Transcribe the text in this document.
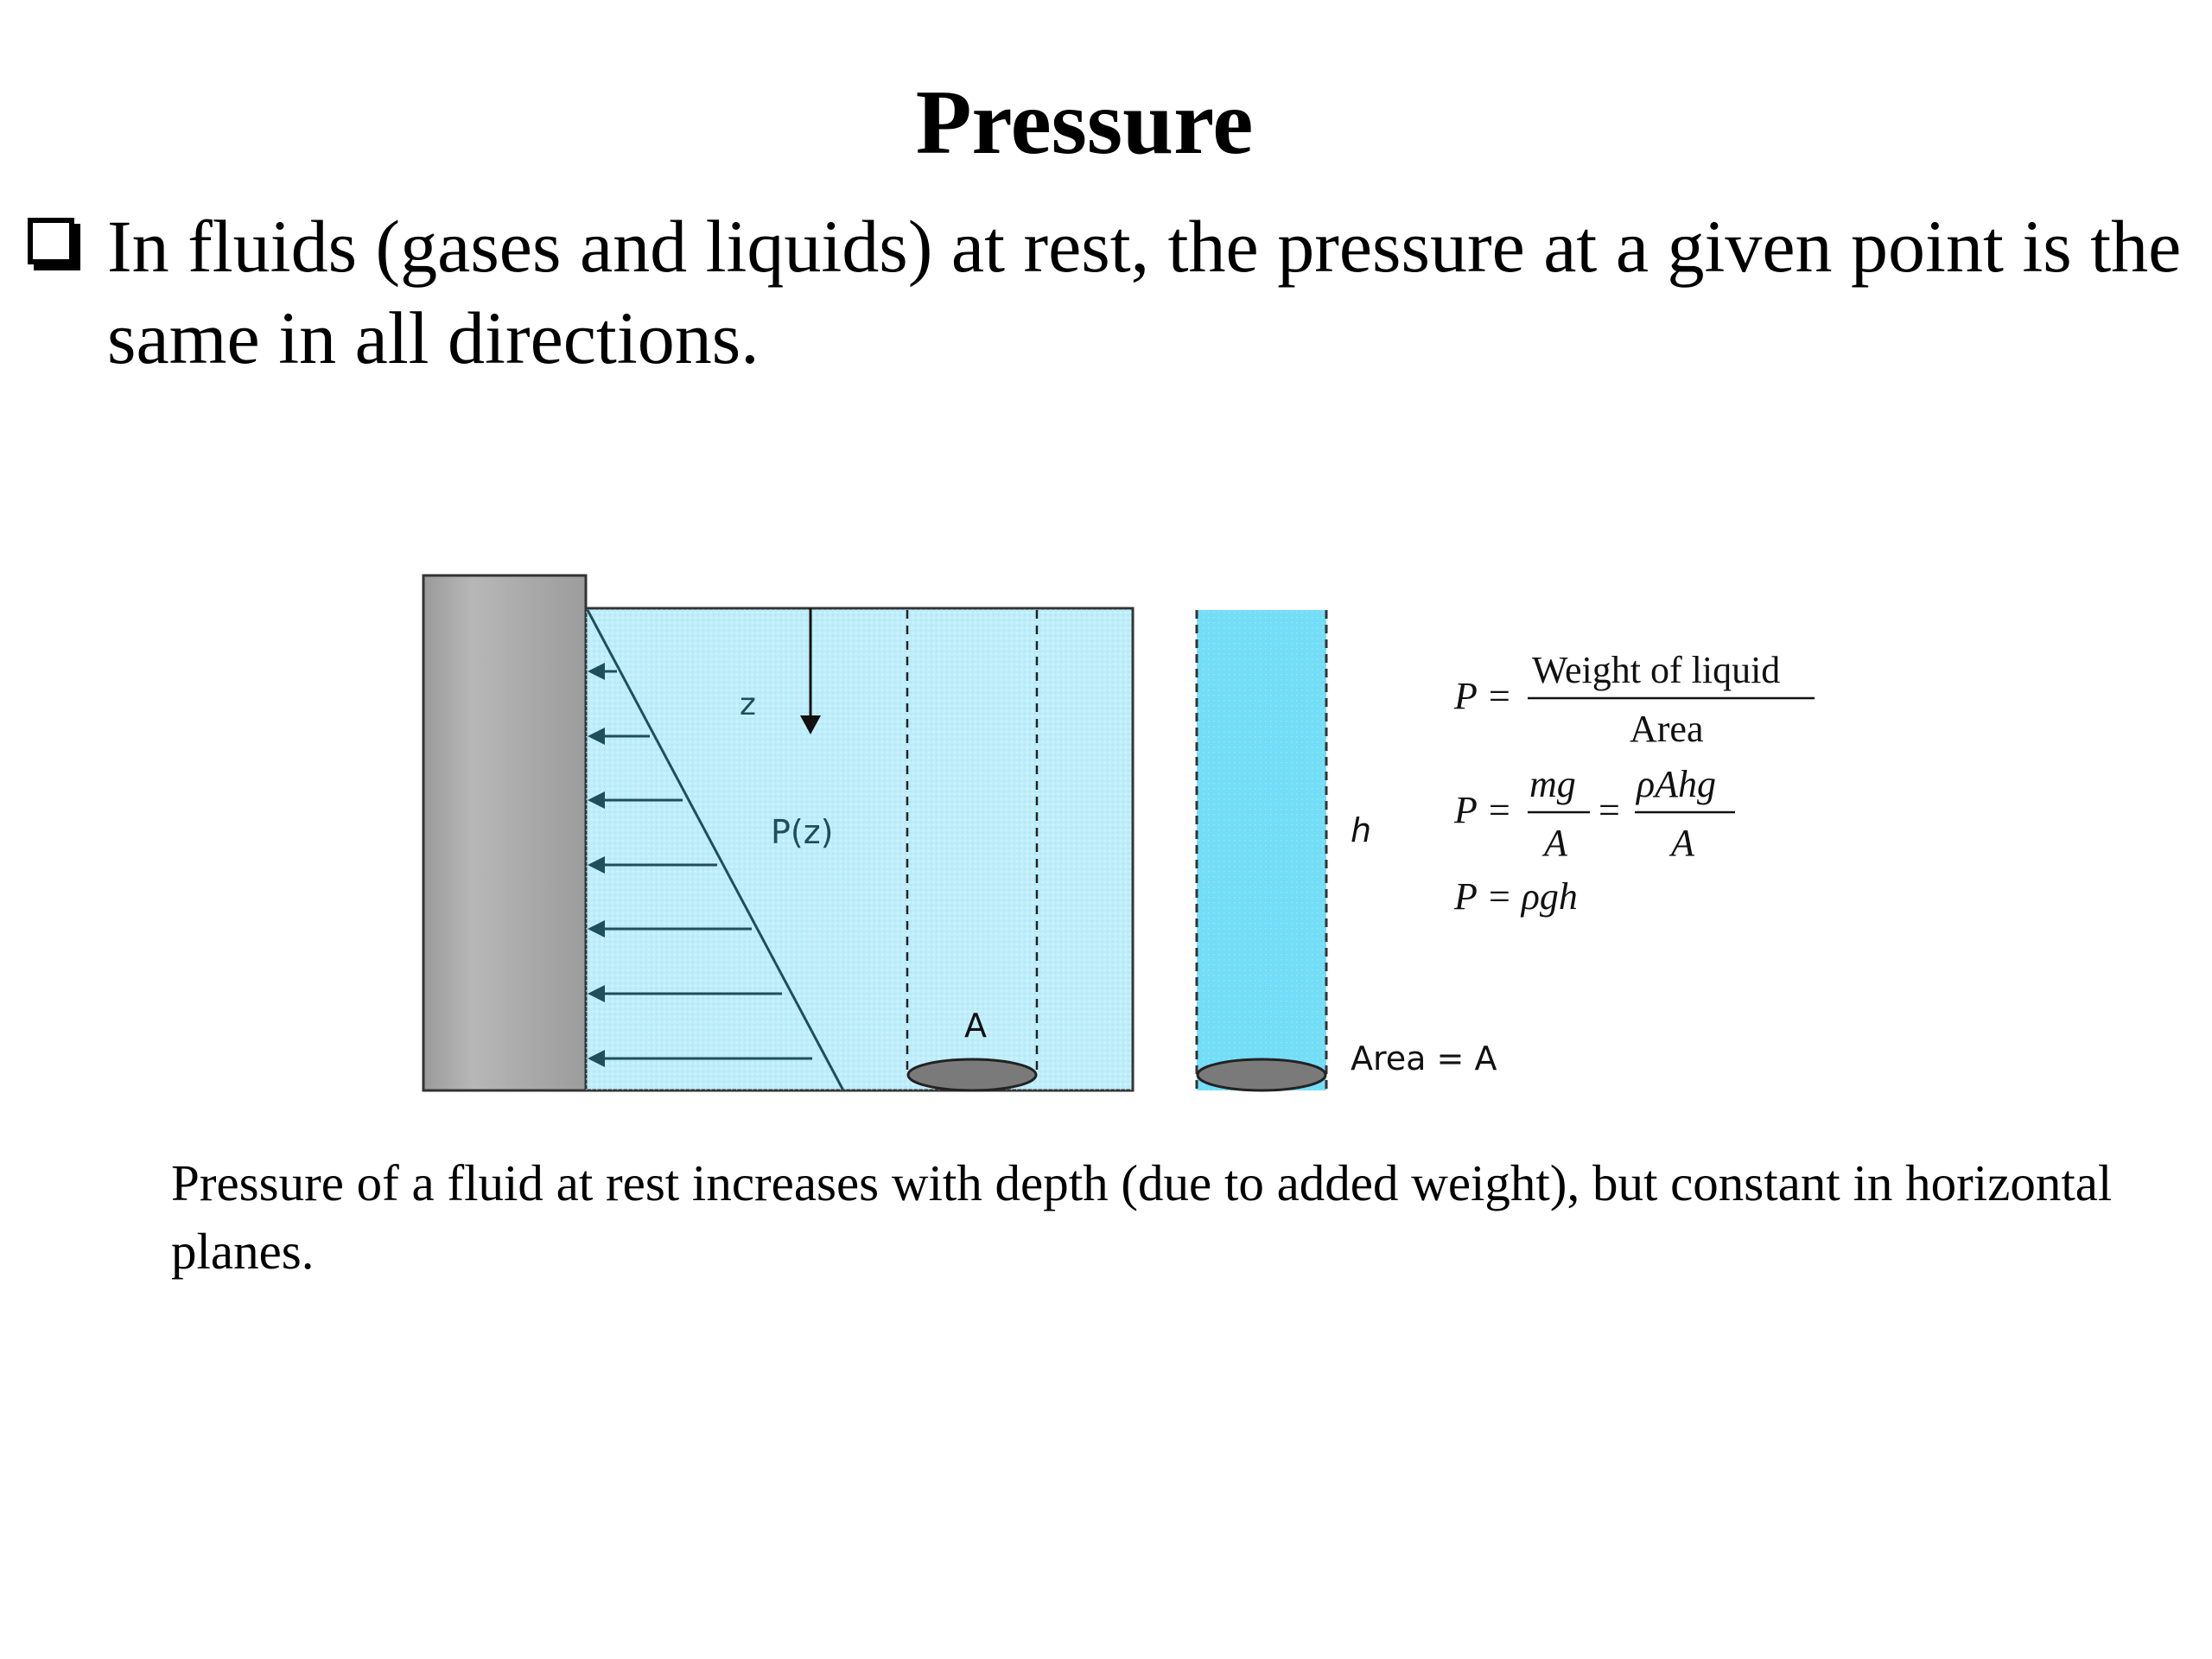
Pressure
In fluids (gases and liquids) at rest, the pressure at a given point is the same in all directions.
z
P(z)
A
h
Area = A
P =
Weight of liquid
Area
P =
mg
A
=
ρAhg
A
P = ρgh
Pressure of a fluid at rest increases with depth (due to added weight), but constant in horizontal planes.
